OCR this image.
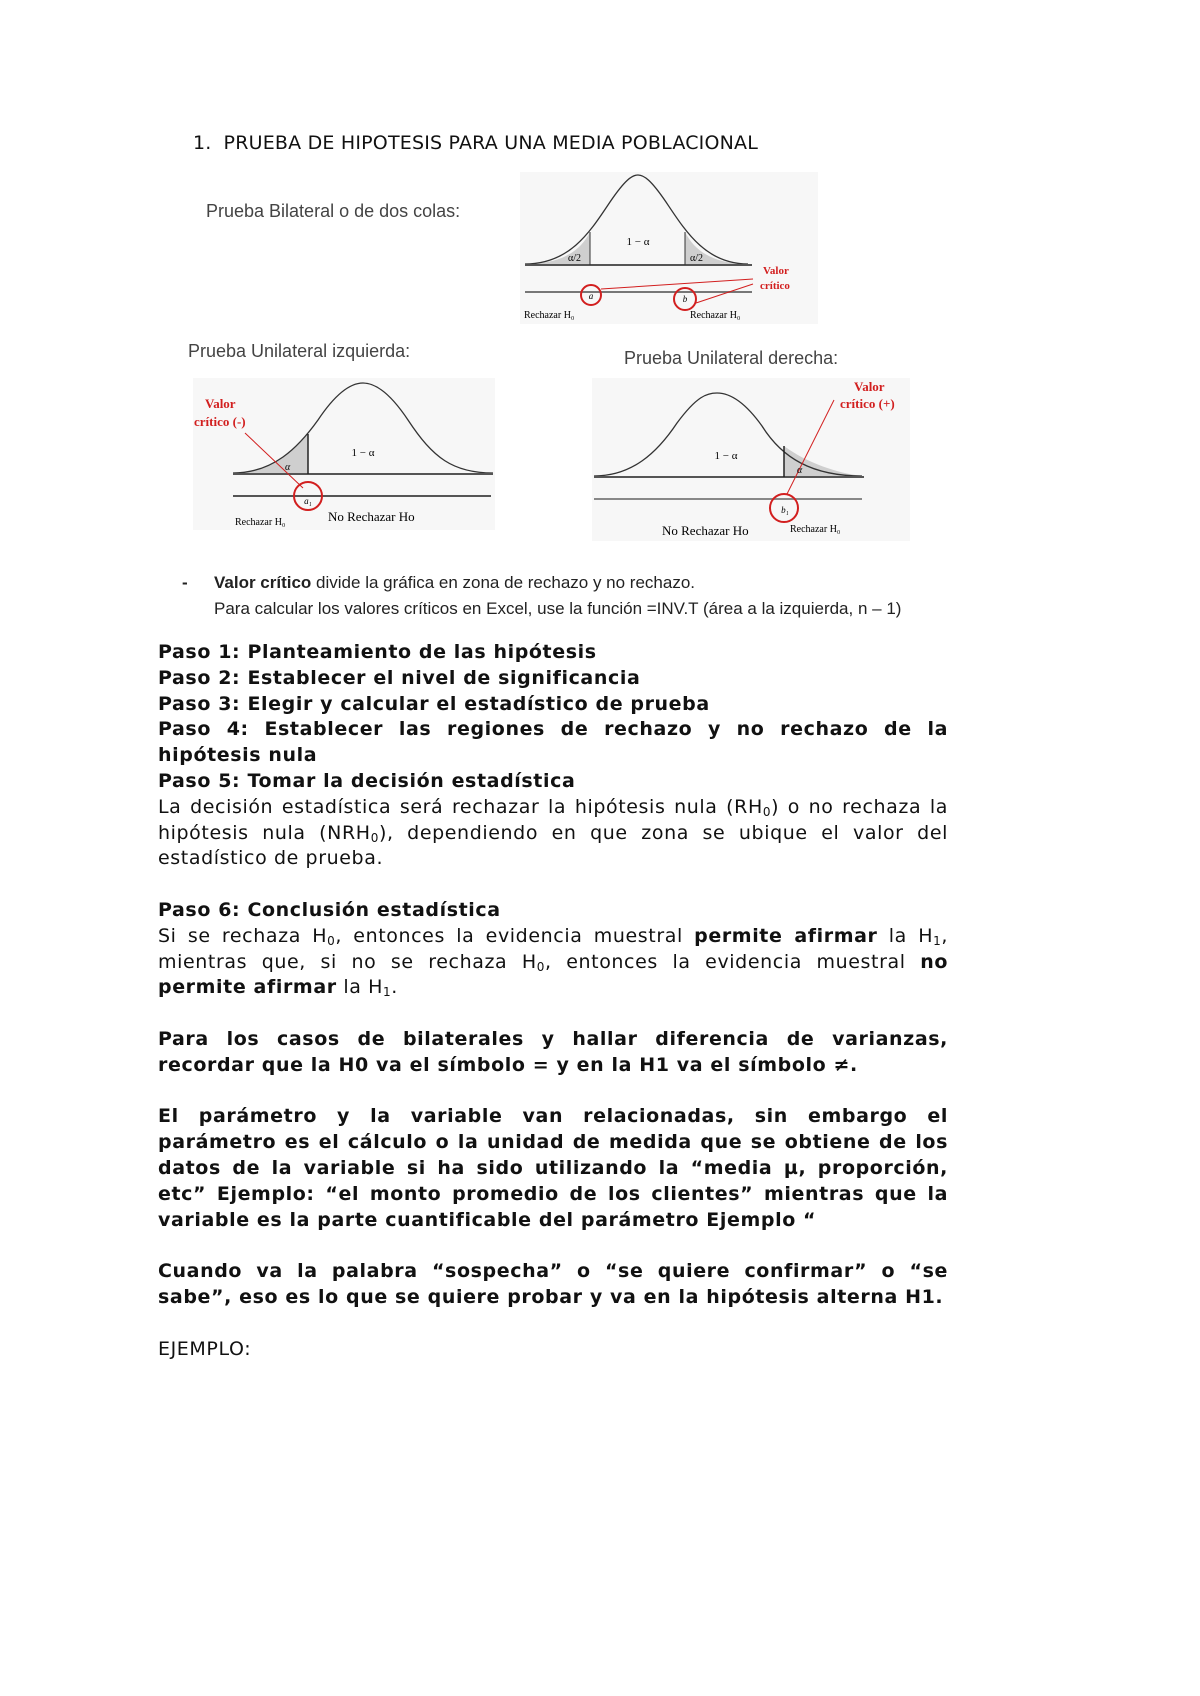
1. PRUEBA DE HIPOTESIS PARA UNA MEDIA POBLACIONAL
Prueba Bilateral o de dos colas:
1 − α
α/2	α/2
a	b
Rechazar H₀	Rechazar H₀
Valor
crítico
Prueba Unilateral izquierda:
1 − α
α
a₁
Rechazar H₀	No Rechazar Ho
Valor
crítico (-)
Prueba Unilateral derecha:
1 − α
α
b₁
No Rechazar Ho	Rechazar H₀
Valor
crítico (+)
- Valor crítico divide la gráfica en zona de rechazo y no rechazo.
Para calcular los valores críticos en Excel, use la función =INV.T (área a la izquierda, n – 1)

Paso 1: Planteamiento de las hipótesis

Paso 2: Establecer el nivel de significancia

Paso 3: Elegir y calcular el estadístico de prueba

Paso 4: Establecer las regiones de rechazo y no rechazo de la hipótesis nula

Paso 5: Tomar la decisión estadística

La decisión estadística será rechazar la hipótesis nula $(RH_0)$ o no rechaza la hipótesis nula $(NRH_0)$, dependiendo en que zona se ubique el valor del estadístico de prueba.

Paso 6: Conclusión estadística

Si se rechaza $H_0$, entonces la evidencia muestral permite afirmar la $H_1$, mientras que, si no se rechaza $H_0$, entonces la evidencia muestral no permite afirmar la $H_1$.

Para los casos de bilaterales y hallar diferencia de varianzas, recordar que la H0 va el símbolo = y en la H1 va el símbolo ≠.

El parámetro y la variable van relacionadas, sin embargo el parámetro es el cálculo o la unidad de medida que se obtiene de los datos de la variable si ha sido utilizando la “media µ, proporción, etc” Ejemplo: “el monto promedio de los clientes” mientras que la variable es la parte cuantificable del parámetro Ejemplo “

Cuando va la palabra “sospecha” o “se quiere confirmar” o “se sabe”, eso es lo que se quiere probar y va en la hipótesis alterna H1.

EJEMPLO:
